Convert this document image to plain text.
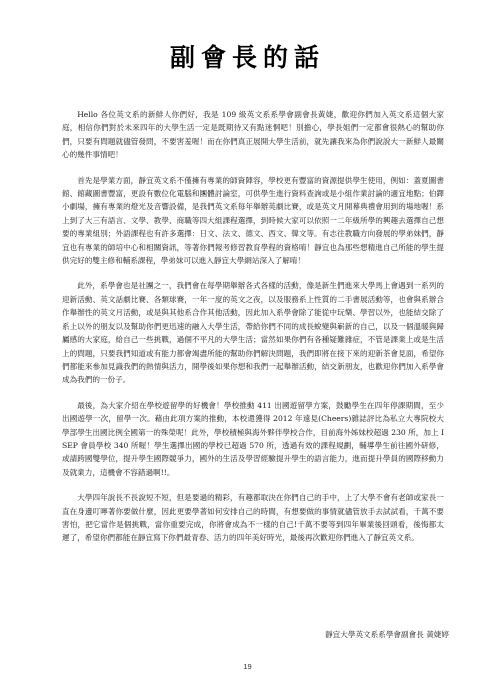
副會長的話

Hello 各位英文系的新鮮人你們好，我是 109 級英文系系學會副會長黃婕，歡迎你們加入英文系這個大家庭，相信你們對於未來四年的大學生活一定是既期待又有點迷惘吧！別擔心，學長姐們一定都會很熱心的幫助你們，只要有問題就儘管發問，不要害羞喔！而在你們真正展開大學生活前，就先讓我來為你們說說大一新鮮人最關心的幾件事情吧！

首先是學業方面，靜宜英文系不僅擁有專業的師資陣容，學校更有豐富的資源提供學生使用，例如：蓋夏圖書館、館藏圖書豐富，更設有數位化電腦和團體討論室，可供學生進行資料查詢或是小組作業討論的適宜地點；伯鐸小劇場，擁有專業的燈光及音響設備，是我們英文系每年舉辦英劇比賽，或是英文月開幕典禮會用到的場地喔！系上到了大三有語言、文學、教學、商職等四大組課程選擇，到時候大家可以依照一二年級所學的興趣去選擇自己想要的專業組別；外語課程也有許多選擇：日文、法文、德文、西文、韓文等。有志往教職方向發展的學弟妹們，靜宜也有專業的師培中心和相關資訊，等著你們報考修習教育學程的資格唷！靜宜也為那些想精進自己所能的學生提供完好的雙主修和輔系課程，學弟妹可以進入靜宜大學網站深入了解唷！

此外，系學會也是社團之一，我們會在每學期舉辦各式各樣的活動，像是新生們進來大學馬上會遇到一系列的迎新活動、英文話劇比賽、各類球賽，一年一度的英文之夜，以及服務系上性質的二手書展活動等，也會與系辦合作舉辦性的英文月活動，或是與其他系合作其他活動，因此加入系學會除了能從中玩樂、學習以外，也能結交除了系上以外的朋友以及幫助你們更迅速的融入大學生活，帶給你們不同的成長蛻變與嶄新的自己，以及一個溫暖與歸屬感的大家庭，給自己一些挑戰，過個不平凡的大學生活；當然如果你們有各種疑難雜症，不管是課業上或是生活上的問題，只要我們知道或有能力都會竭盡所能的幫助你們解決問題，我們即將在接下來的迎新茶會見面，希望你們都能來參加見識我們的熱情與活力，開學後如果你想和我們一起舉辦活動，結交新朋友，也歡迎你們加入系學會成為我們的一份子。

最後，為大家介紹在學校遊留學的好機會！學校推動 411 出國遊留學方案，鼓勵學生在四年停課期間，至少出國遊學一次，留學一次。藉由此項方案的推動，本校還獲得 2012 年遠見(Cheers)雜誌評比為私立大專院校大學部學生出國比例全國第一的殊榮呢！此外，學校積極與海外夥伴學校合作，目前海外姊妹校超過 230 所，加上 ISEP 會員學校 340 所喔！學生選擇出國的學校已超過 570 所，透過有效的課程規劃，輔導學生前往國外研修，或請跨國雙學位，提升學生國際競爭力，國外的生活及學習經驗提升學生的語言能力，進而提升學員的國際移動力及就業力，這機會不容錯過啊!!。

大學四年說長不長說短不短，但是要過的精彩，有趣都取決在你們自己的手中，上了大學不會有老師或家長一直在身邊叮嚀著你要做什麼，因此更要學著如何安排自己的時間，有想要做的事情就儘管放手去試試看，千萬不要害怕，把它當作是個挑戰，當你重要完成，你將會成為不一樣的自己!千萬不要等到四年畢業後回頭看，後悔都太遲了，希望你們都能在靜宜寫下你們最青春、活力的四年美好時光，最後再次歡迎你們進入了靜宜英文系。

靜宜大學英文系系學會副會長 黃婕婷
19
